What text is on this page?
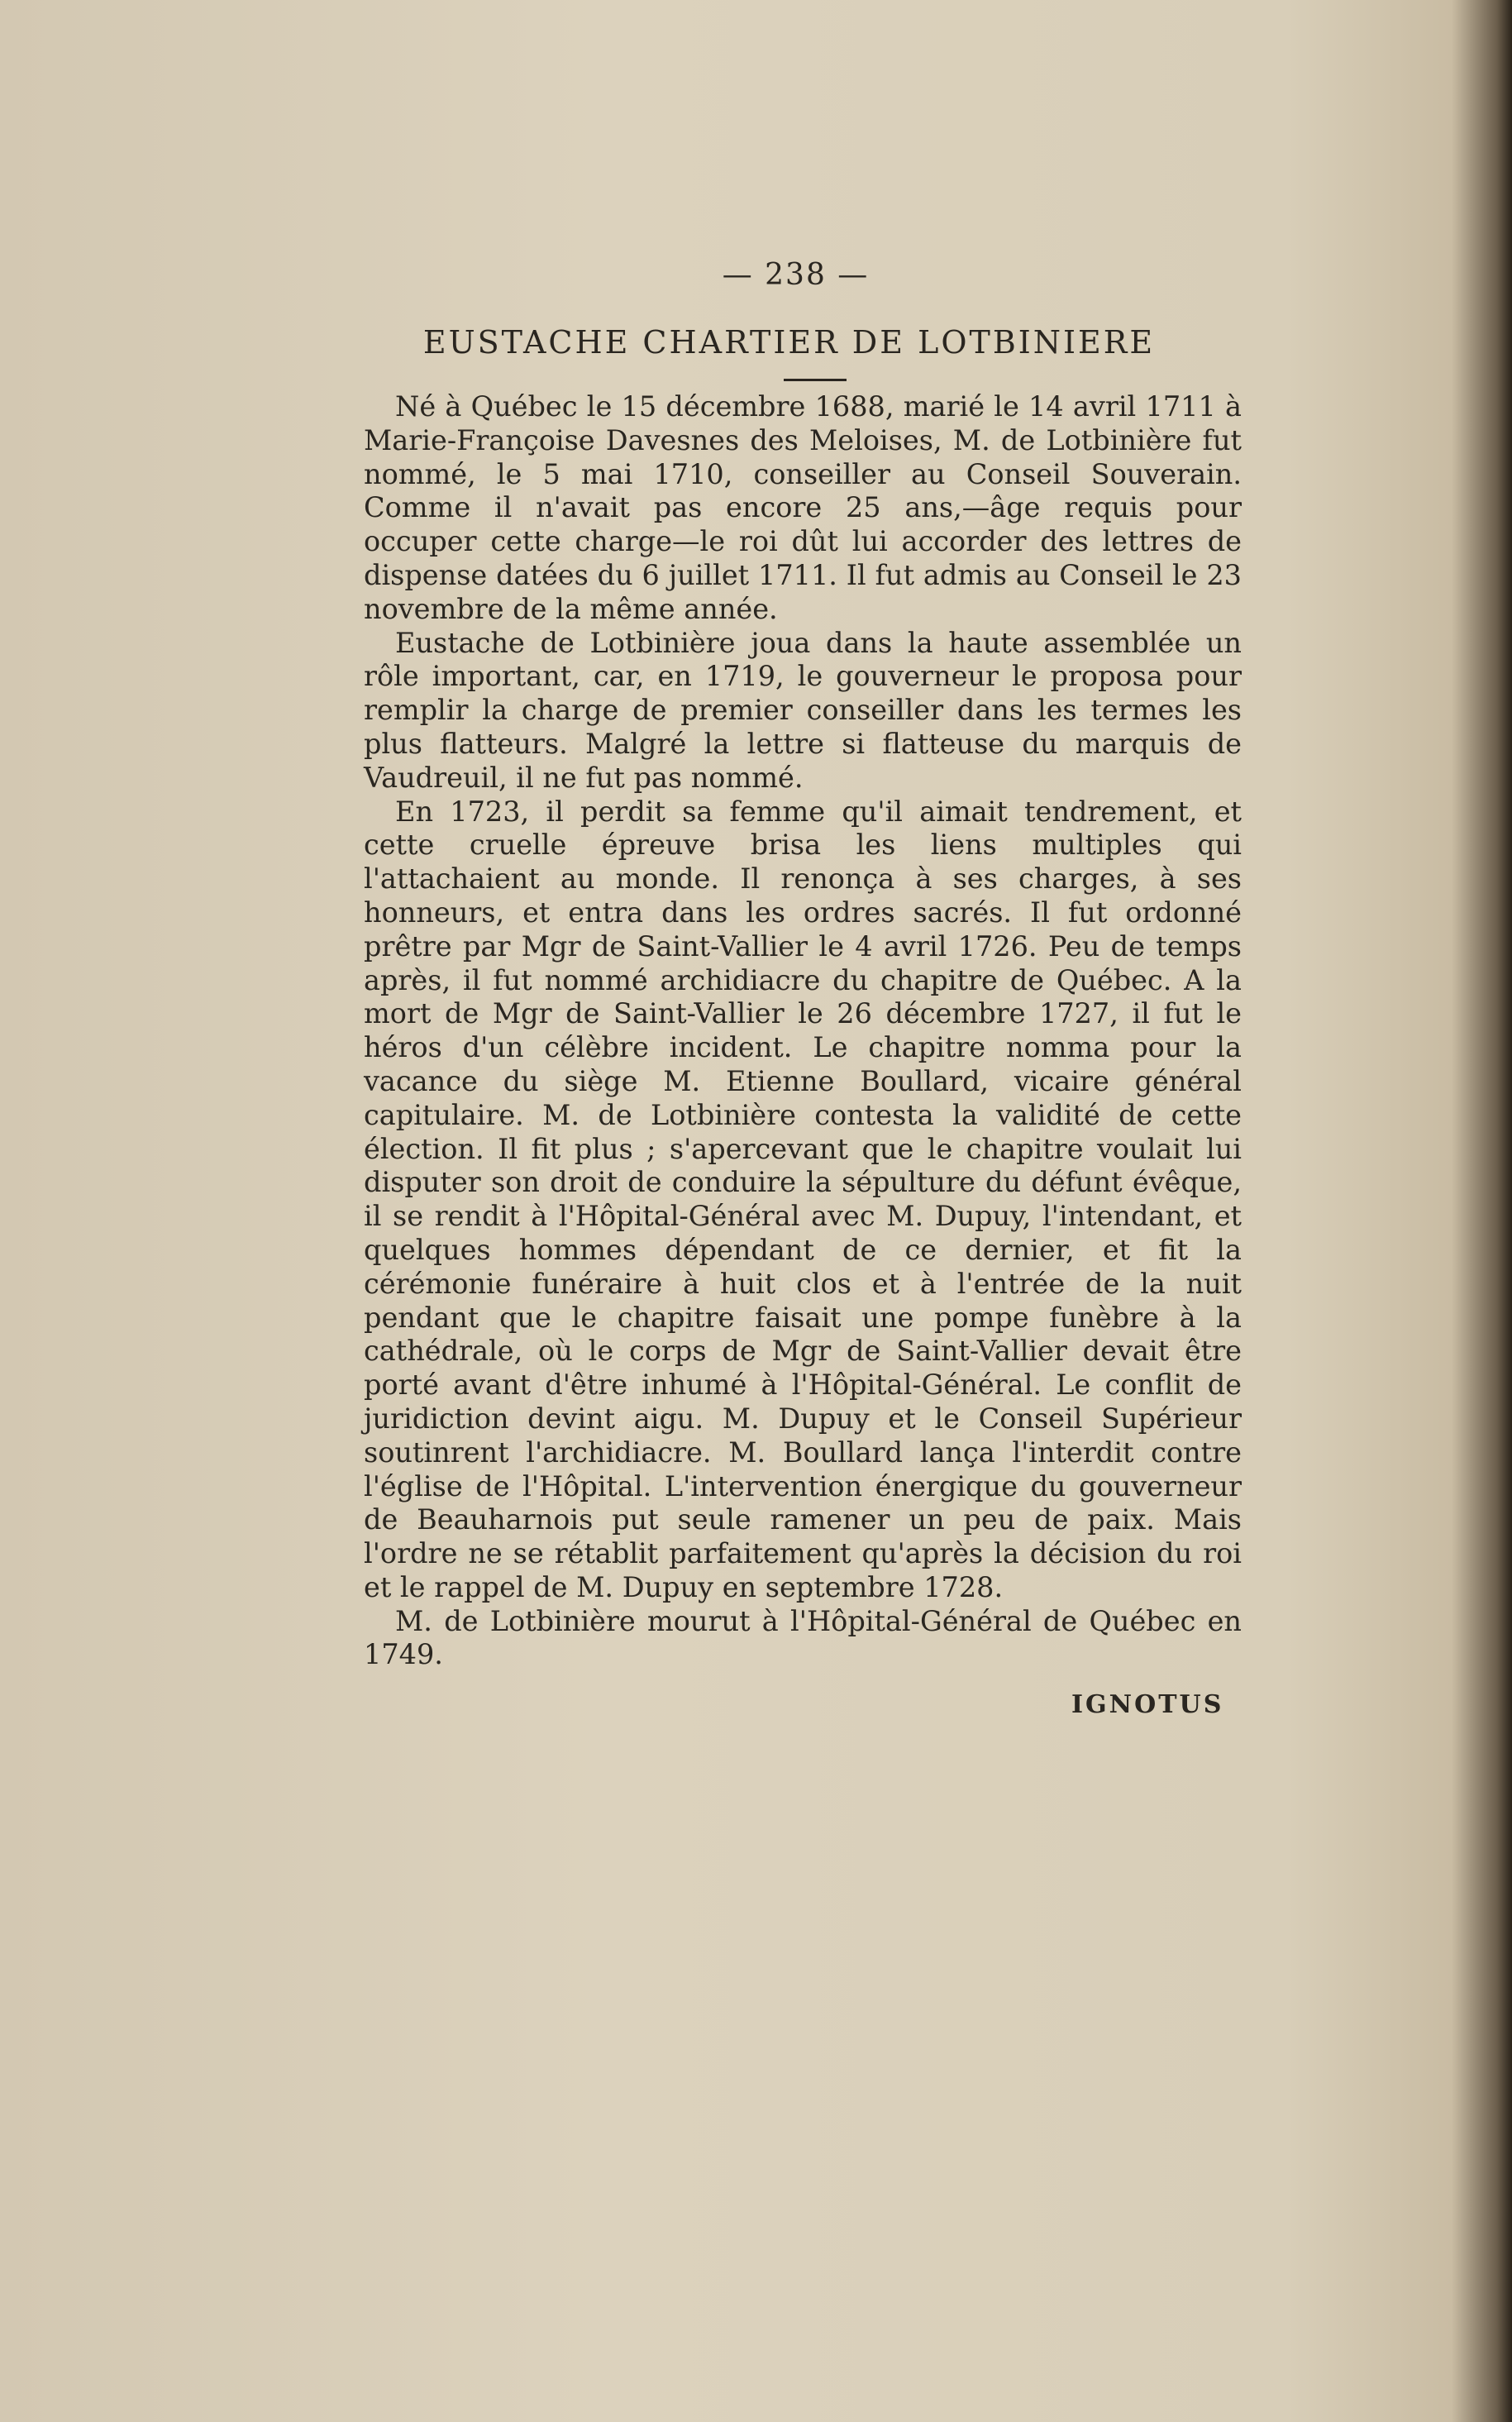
— 238 —
EUSTACHE CHARTIER DE LOTBINIERE

Né à Québec le 15 décembre 1688, marié le 14 avril 1711 à Marie-Françoise Davesnes des Meloises, M. de Lotbinière fut nommé, le 5 mai 1710, conseiller au Conseil Souverain. Comme il n'avait pas encore 25 ans,—âge requis pour occuper cette charge—le roi dût lui accorder des lettres de dispense datées du 6 juillet 1711. Il fut admis au Conseil le 23 novembre de la même année.

Eustache de Lotbinière joua dans la haute assemblée un rôle important, car, en 1719, le gouverneur le proposa pour remplir la charge de premier conseiller dans les termes les plus flatteurs. Malgré la lettre si flatteuse du marquis de Vaudreuil, il ne fut pas nommé.

En 1723, il perdit sa femme qu'il aimait tendrement, et cette cruelle épreuve brisa les liens multiples qui l'attachaient au monde. Il renonça à ses charges, à ses honneurs, et entra dans les ordres sacrés. Il fut ordonné prêtre par Mgr de Saint-Vallier le 4 avril 1726. Peu de temps après, il fut nommé archidiacre du chapitre de Québec. A la mort de Mgr de Saint-Vallier le 26 décembre 1727, il fut le héros d'un célèbre incident. Le chapitre nomma pour la vacance du siège M. Etienne Boullard, vicaire général capitulaire. M. de Lotbinière contesta la validité de cette élection. Il fit plus ; s'apercevant que le chapitre voulait lui disputer son droit de conduire la sépulture du défunt évêque, il se rendit à l'Hôpital-Général avec M. Dupuy, l'intendant, et quelques hommes dépendant de ce dernier, et fit la cérémonie funéraire à huit clos et à l'entrée de la nuit pendant que le chapitre faisait une pompe funèbre à la cathédrale, où le corps de Mgr de Saint-Vallier devait être porté avant d'être inhumé à l'Hôpital-Général. Le conflit de juridiction devint aigu. M. Dupuy et le Conseil Supérieur soutinrent l'archidiacre. M. Boullard lança l'interdit contre l'église de l'Hôpital. L'intervention énergique du gouverneur de Beauharnois put seule ramener un peu de paix. Mais l'ordre ne se rétablit parfaitement qu'après la décision du roi et le rappel de M. Dupuy en septembre 1728.

M. de Lotbinière mourut à l'Hôpital-Général de Québec en 1749.

IGNOTUS
